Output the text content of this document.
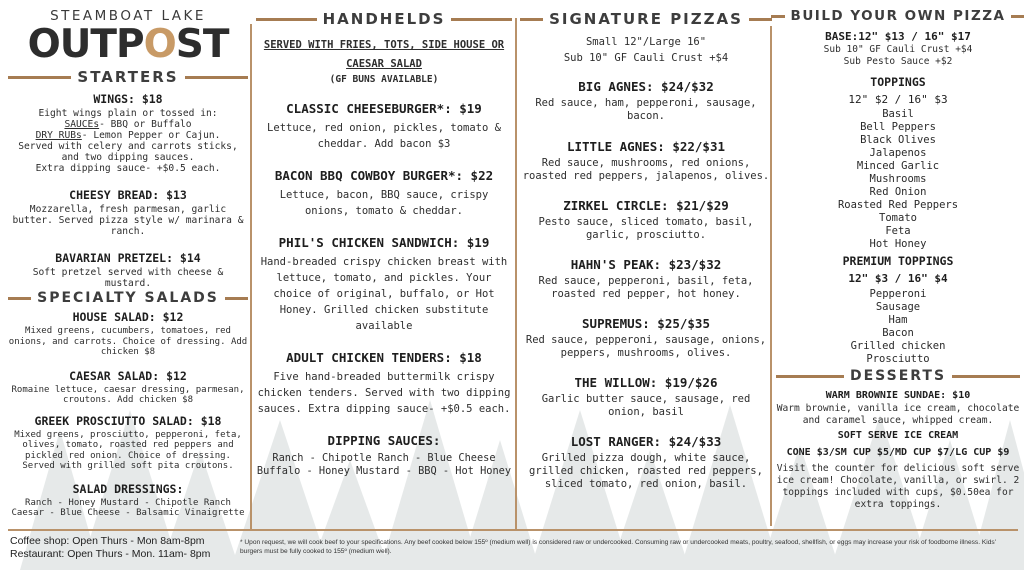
STEAMBOAT LAKE
OUTPOST
STARTERS
WINGS: $18
Eight wings plain or tossed in:
SAUCEs- BBQ or Buffalo
DRY RUBs- Lemon Pepper or Cajun.
Served with celery and carrots sticks,
and two dipping sauces.
Extra dipping sauce- +$0.5 each.
CHEESY BREAD: $13
Mozzarella, fresh parmesan, garlic butter. Served pizza style w/ marinara & ranch.
BAVARIAN PRETZEL: $14
Soft pretzel served with cheese & mustard.
SPECIALTY SALADS
HOUSE SALAD: $12
Mixed greens, cucumbers, tomatoes, red onions, and carrots. Choice of dressing. Add chicken $8
CAESAR SALAD: $12
Romaine lettuce, caesar dressing, parmesan, croutons. Add chicken $8
GREEK PROSCIUTTO SALAD: $18
Mixed greens, prosciutto, pepperoni, feta, olives, tomato, roasted red peppers and pickled red onion. Choice of dressing. Served with grilled soft pita croutons.
SALAD DRESSINGS:
Ranch - Honey Mustard - Chipotle Ranch Caesar - Blue Cheese - Balsamic Vinaigrette
HANDHELDS
SERVED WITH FRIES, TOTS, SIDE HOUSE OR CAESAR SALAD
(GF BUNS AVAILABLE)
CLASSIC CHEESEBURGER*: $19
Lettuce, red onion, pickles, tomato & cheddar. Add bacon $3
BACON BBQ COWBOY BURGER*: $22
Lettuce, bacon, BBQ sauce, crispy onions, tomato & cheddar.
PHIL'S CHICKEN SANDWICH: $19
Hand-breaded crispy chicken breast with lettuce, tomato, and pickles. Your choice of original, buffalo, or Hot Honey. Grilled chicken substitute available
ADULT CHICKEN TENDERS: $18
Five hand-breaded buttermilk crispy chicken tenders. Served with two dipping sauces. Extra dipping sauce- +$0.5 each.
DIPPING SAUCES:
Ranch - Chipotle Ranch - Blue Cheese Buffalo - Honey Mustard - BBQ - Hot Honey
SIGNATURE PIZZAS
Small 12"/Large 16"
Sub 10" GF Cauli Crust +$4
BIG AGNES: $24/$32
Red sauce, ham, pepperoni, sausage, bacon.
LITTLE AGNES: $22/$31
Red sauce, mushrooms, red onions, roasted red peppers, jalapenos, olives.
ZIRKEL CIRCLE: $21/$29
Pesto sauce, sliced tomato, basil, garlic, prosciutto.
HAHN'S PEAK: $23/$32
Red sauce, pepperoni, basil, feta, roasted red pepper, hot honey.
SUPREMUS: $25/$35
Red sauce, pepperoni, sausage, onions, peppers, mushrooms, olives.
THE WILLOW: $19/$26
Garlic butter sauce, sausage, red onion, basil
LOST RANGER: $24/$33
Grilled pizza dough, white sauce, grilled chicken, roasted red peppers, sliced tomato, red onion, basil.
BUILD YOUR OWN PIZZA
BASE:12" $13 / 16" $17
Sub 10" GF Cauli Crust +$4
Sub Pesto Sauce +$2
TOPPINGS
12" $2 / 16" $3
Basil
Bell Peppers
Black Olives
Jalapenos
Minced Garlic
Mushrooms
Red Onion
Roasted Red Peppers
Tomato
Feta
Hot Honey
PREMIUM TOPPINGS
12" $3 / 16" $4
Pepperoni
Sausage
Ham
Bacon
Grilled chicken
Prosciutto
DESSERTS
WARM BROWNIE SUNDAE: $10
Warm brownie, vanilla ice cream, chocolate and caramel sauce, whipped cream.
SOFT SERVE ICE CREAM
CONE $3/SM CUP $5/MD CUP $7/LG CUP $9
Visit the counter for delicious soft serve ice cream! Chocolate, vanilla, or swirl. 2 toppings included with cups, $0.50ea for extra toppings.
Coffee shop: Open Thurs - Mon 8am-8pm
Restaurant: Open Thurs - Mon. 11am- 8pm
* Upon request, we will cook beef to your specifications. Any beef cooked below 155º (medium well) is considered raw or undercooked. Consuming raw or undercooked meats, poultry, seafood, shellfish, or eggs may increase your risk of foodborne illness. Kids' burgers must be fully cooked to 155º (medium well).
